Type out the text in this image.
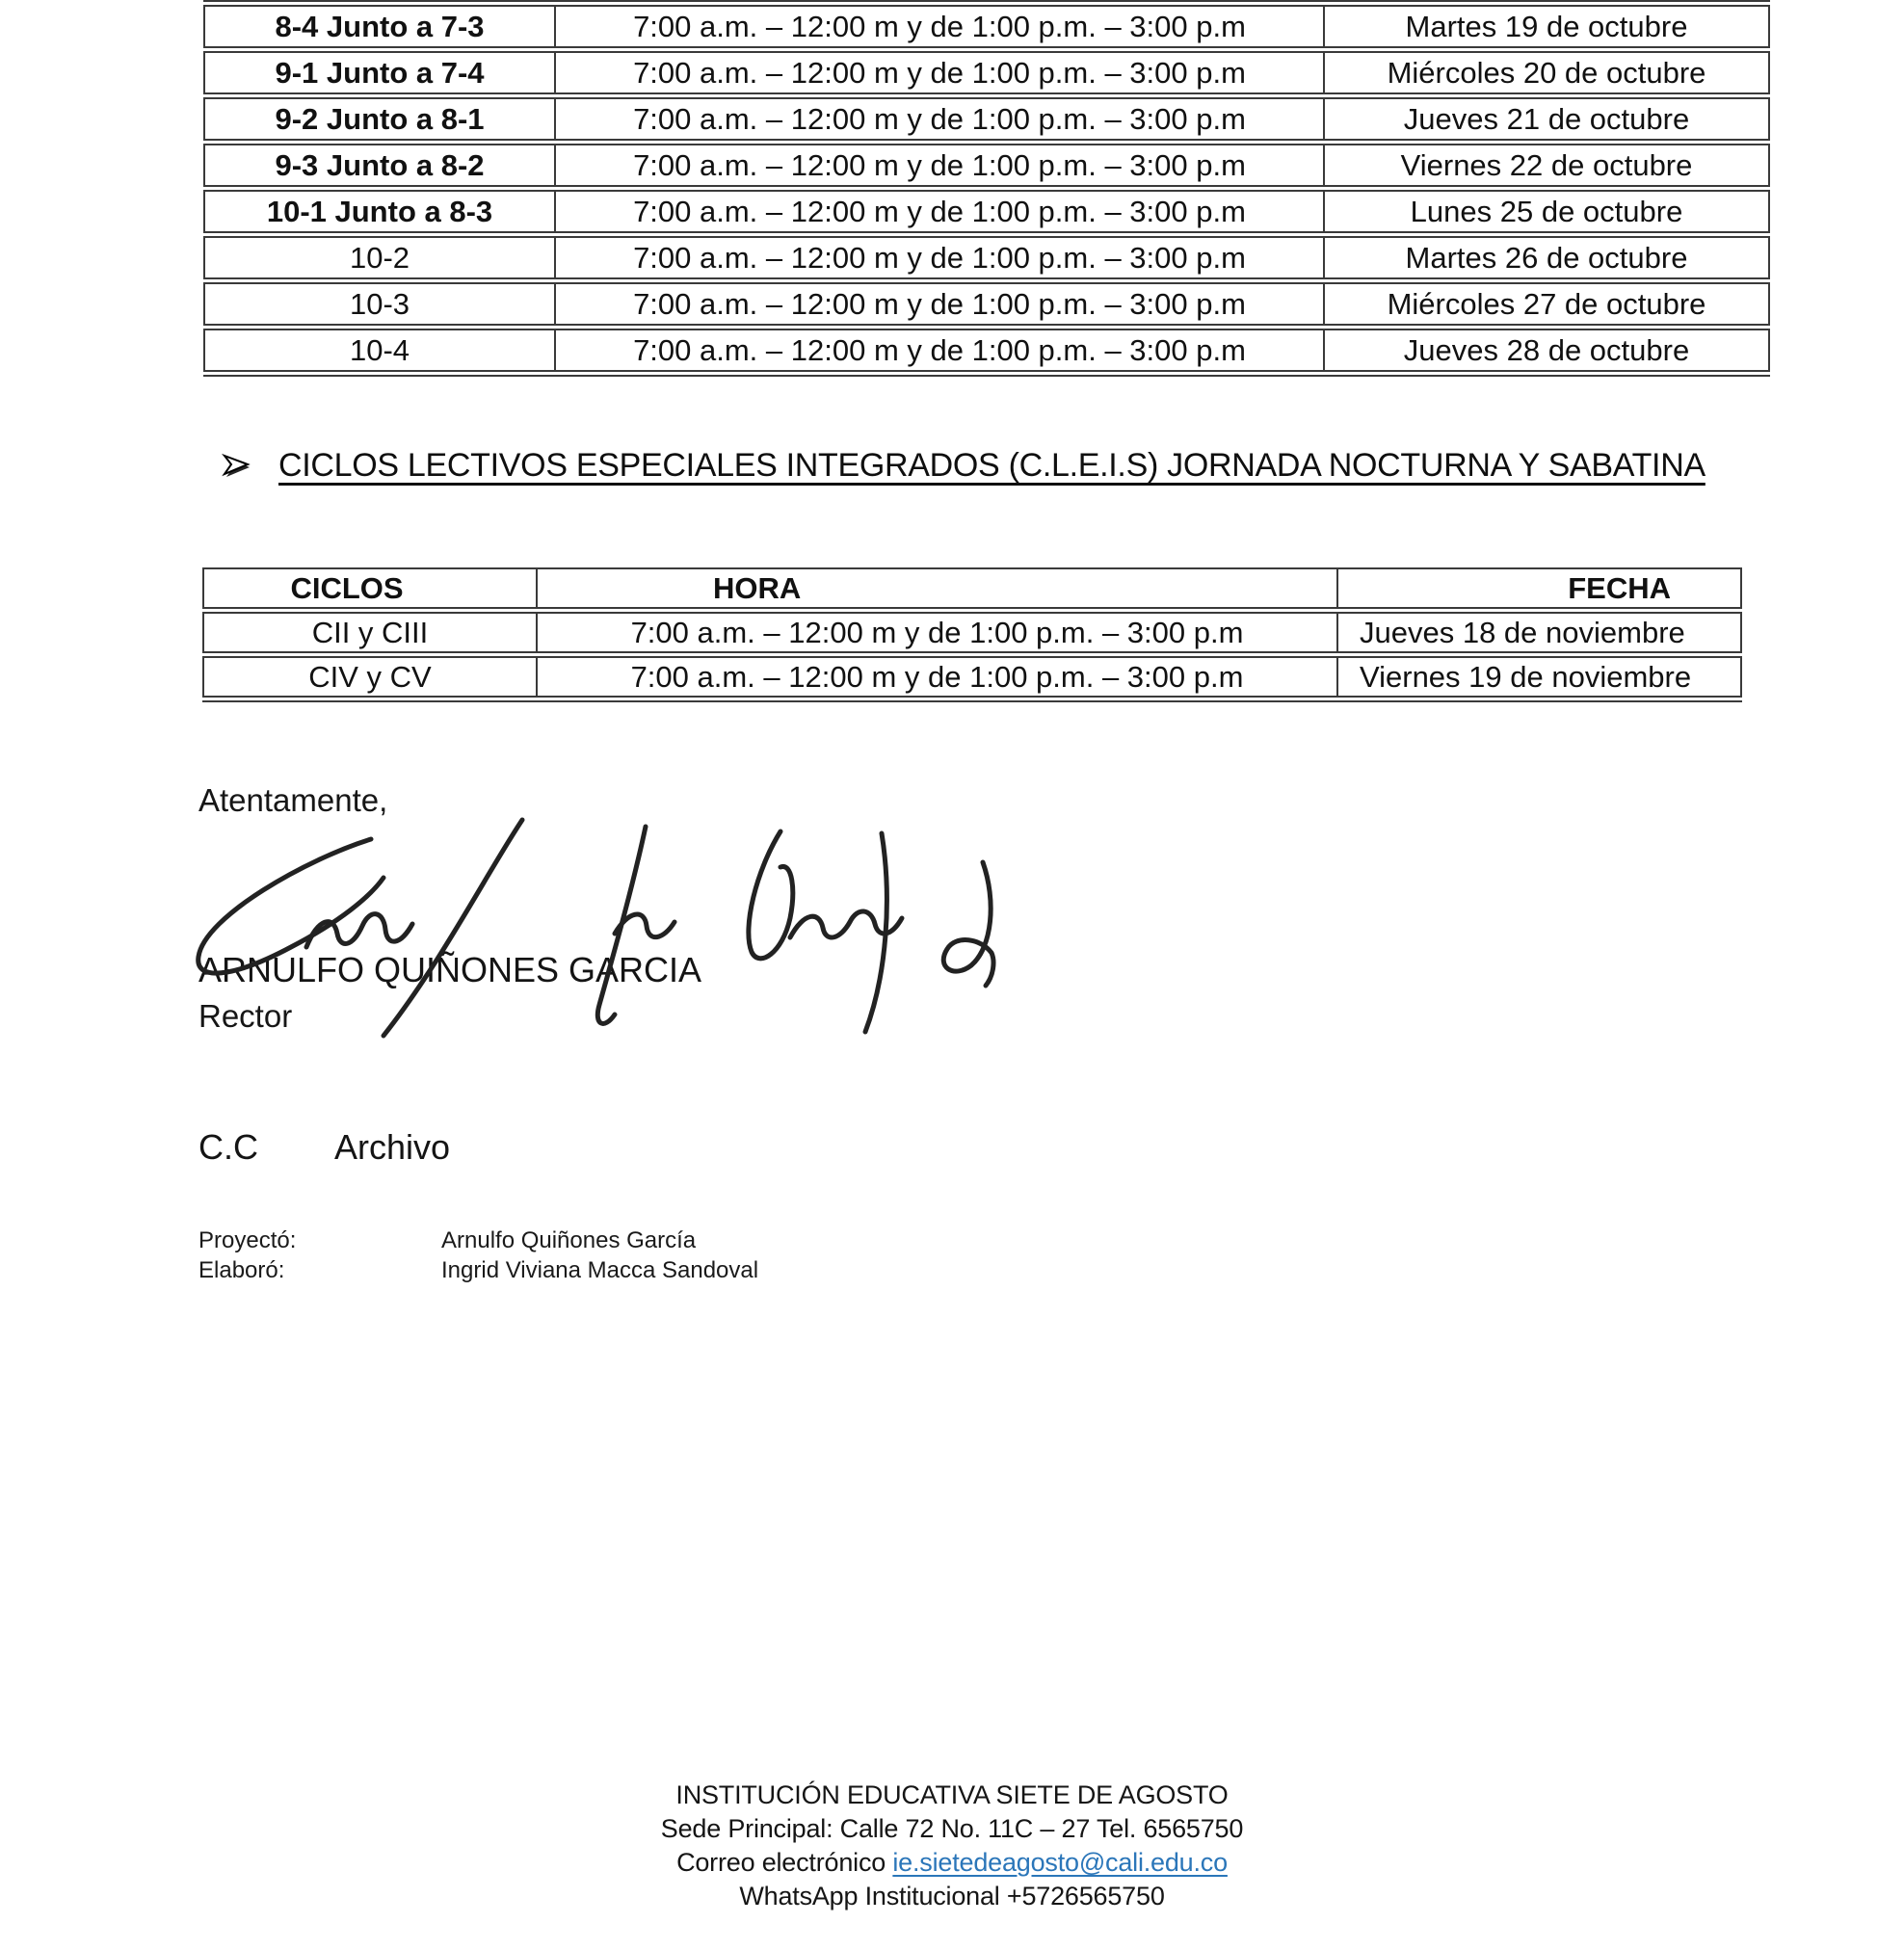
8-4 Junto a 7-3	7:00 a.m. – 12:00 m y de 1:00 p.m. – 3:00 p.m	Martes 19 de octubre
9-1 Junto a 7-4	7:00 a.m. – 12:00 m y de 1:00 p.m. – 3:00 p.m	Miércoles 20 de octubre
9-2 Junto a 8-1	7:00 a.m. – 12:00 m y de 1:00 p.m. – 3:00 p.m	Jueves 21 de octubre
9-3 Junto a 8-2	7:00 a.m. – 12:00 m y de 1:00 p.m. – 3:00 p.m	Viernes 22 de octubre
10-1 Junto a 8-3	7:00 a.m. – 12:00 m y de 1:00 p.m. – 3:00 p.m	Lunes 25 de octubre
10-2	7:00 a.m. – 12:00 m y de 1:00 p.m. – 3:00 p.m	Martes 26 de octubre
10-3	7:00 a.m. – 12:00 m y de 1:00 p.m. – 3:00 p.m	Miércoles 27 de octubre
10-4	7:00 a.m. – 12:00 m y de 1:00 p.m. – 3:00 p.m	Jueves 28 de octubre
CICLOS LECTIVOS ESPECIALES INTEGRADOS (C.L.E.I.S) JORNADA NOCTURNA Y SABATINA
CICLOS	HORA	FECHA
CII y CIII	7:00 a.m. – 12:00 m y de 1:00 p.m. – 3:00 p.m	Jueves 18 de noviembre
CIV y CV	7:00 a.m. – 12:00 m y de 1:00 p.m. – 3:00 p.m	Viernes 19 de noviembre
Atentamente,
ARNULFO QUIÑONES GARCIA
Rector
C.C Archivo
Proyectó:	Arnulfo Quiñones García
Elaboró:	Ingrid Viviana Macca Sandoval
INSTITUCIÓN EDUCATIVA SIETE DE AGOSTO
Sede Principal: Calle 72 No. 11C – 27 Tel. 6565750
Correo electrónico ie.sietedeagosto@cali.edu.co
WhatsApp Institucional +5726565750
